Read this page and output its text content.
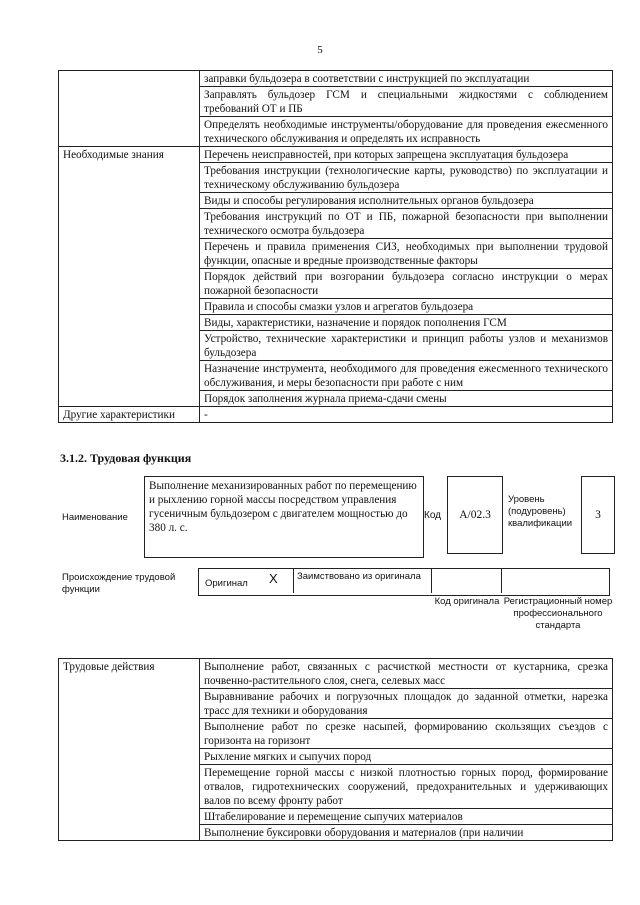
5
	заправки бульдозера в соответствии с инструкцией по эксплуатации
	Заправлять бульдозер ГСМ и специальными жидкостями с соблюдением требований ОТ и ПБ
	Определять необходимые инструменты/оборудование для проведения ежесменного технического обслуживания и определять их исправность
Необходимые знания	Перечень неисправностей, при которых запрещена эксплуатация бульдозера
	Требования инструкции (технологические карты, руководство) по эксплуатации и техническому обслуживанию бульдозера
	Виды и способы регулирования исполнительных органов бульдозера
	Требования инструкций по ОТ и ПБ, пожарной безопасности при выполнении технического осмотра бульдозера
	Перечень и правила применения СИЗ, необходимых при выполнении трудовой функции, опасные и вредные производственные факторы
	Порядок действий при возгорании бульдозера согласно инструкции о мерах пожарной безопасности
	Правила и способы смазки узлов и агрегатов бульдозера
	Виды, характеристики, назначение и порядок пополнения ГСМ
	Устройство, технические характеристики и принцип работы узлов и механизмов бульдозера
	Назначение инструмента, необходимого для проведения ежесменного технического обслуживания, и меры безопасности при работе с ним
	Порядок заполнения журнала приема-сдачи смены
Другие характеристики	-
3.1.2. Трудовая функция
Наименование
Выполнение механизированных работ по перемещению и рыхлению горной массы посредством управления гусеничным бульдозером с двигателем мощностью до 380 л. с.
Код	А/02.3
Уровень (подуровень) квалификации
3
Происхождение трудовой функции
Оригинал X Заимствовано из оригинала
Код оригинала Регистрационный номер профессионального стандарта
Трудовые действия	Выполнение работ, связанных с расчисткой местности от кустарника, срезка почвенно-растительного слоя, снега, селевых масс
Выравнивание рабочих и погрузочных площадок до заданной отметки, нарезка трасс для техники и оборудования
Выполнение работ по срезке насыпей, формированию скользящих съездов с горизонта на горизонт
Рыхление мягких и сыпучих пород
Перемещение горной массы с низкой плотностью горных пород, формирование отвалов, гидротехнических сооружений, предохранительных и удерживающих валов по всему фронту работ
Штабелирование и перемещение сыпучих материалов
Выполнение буксировки оборудования и материалов (при наличии
